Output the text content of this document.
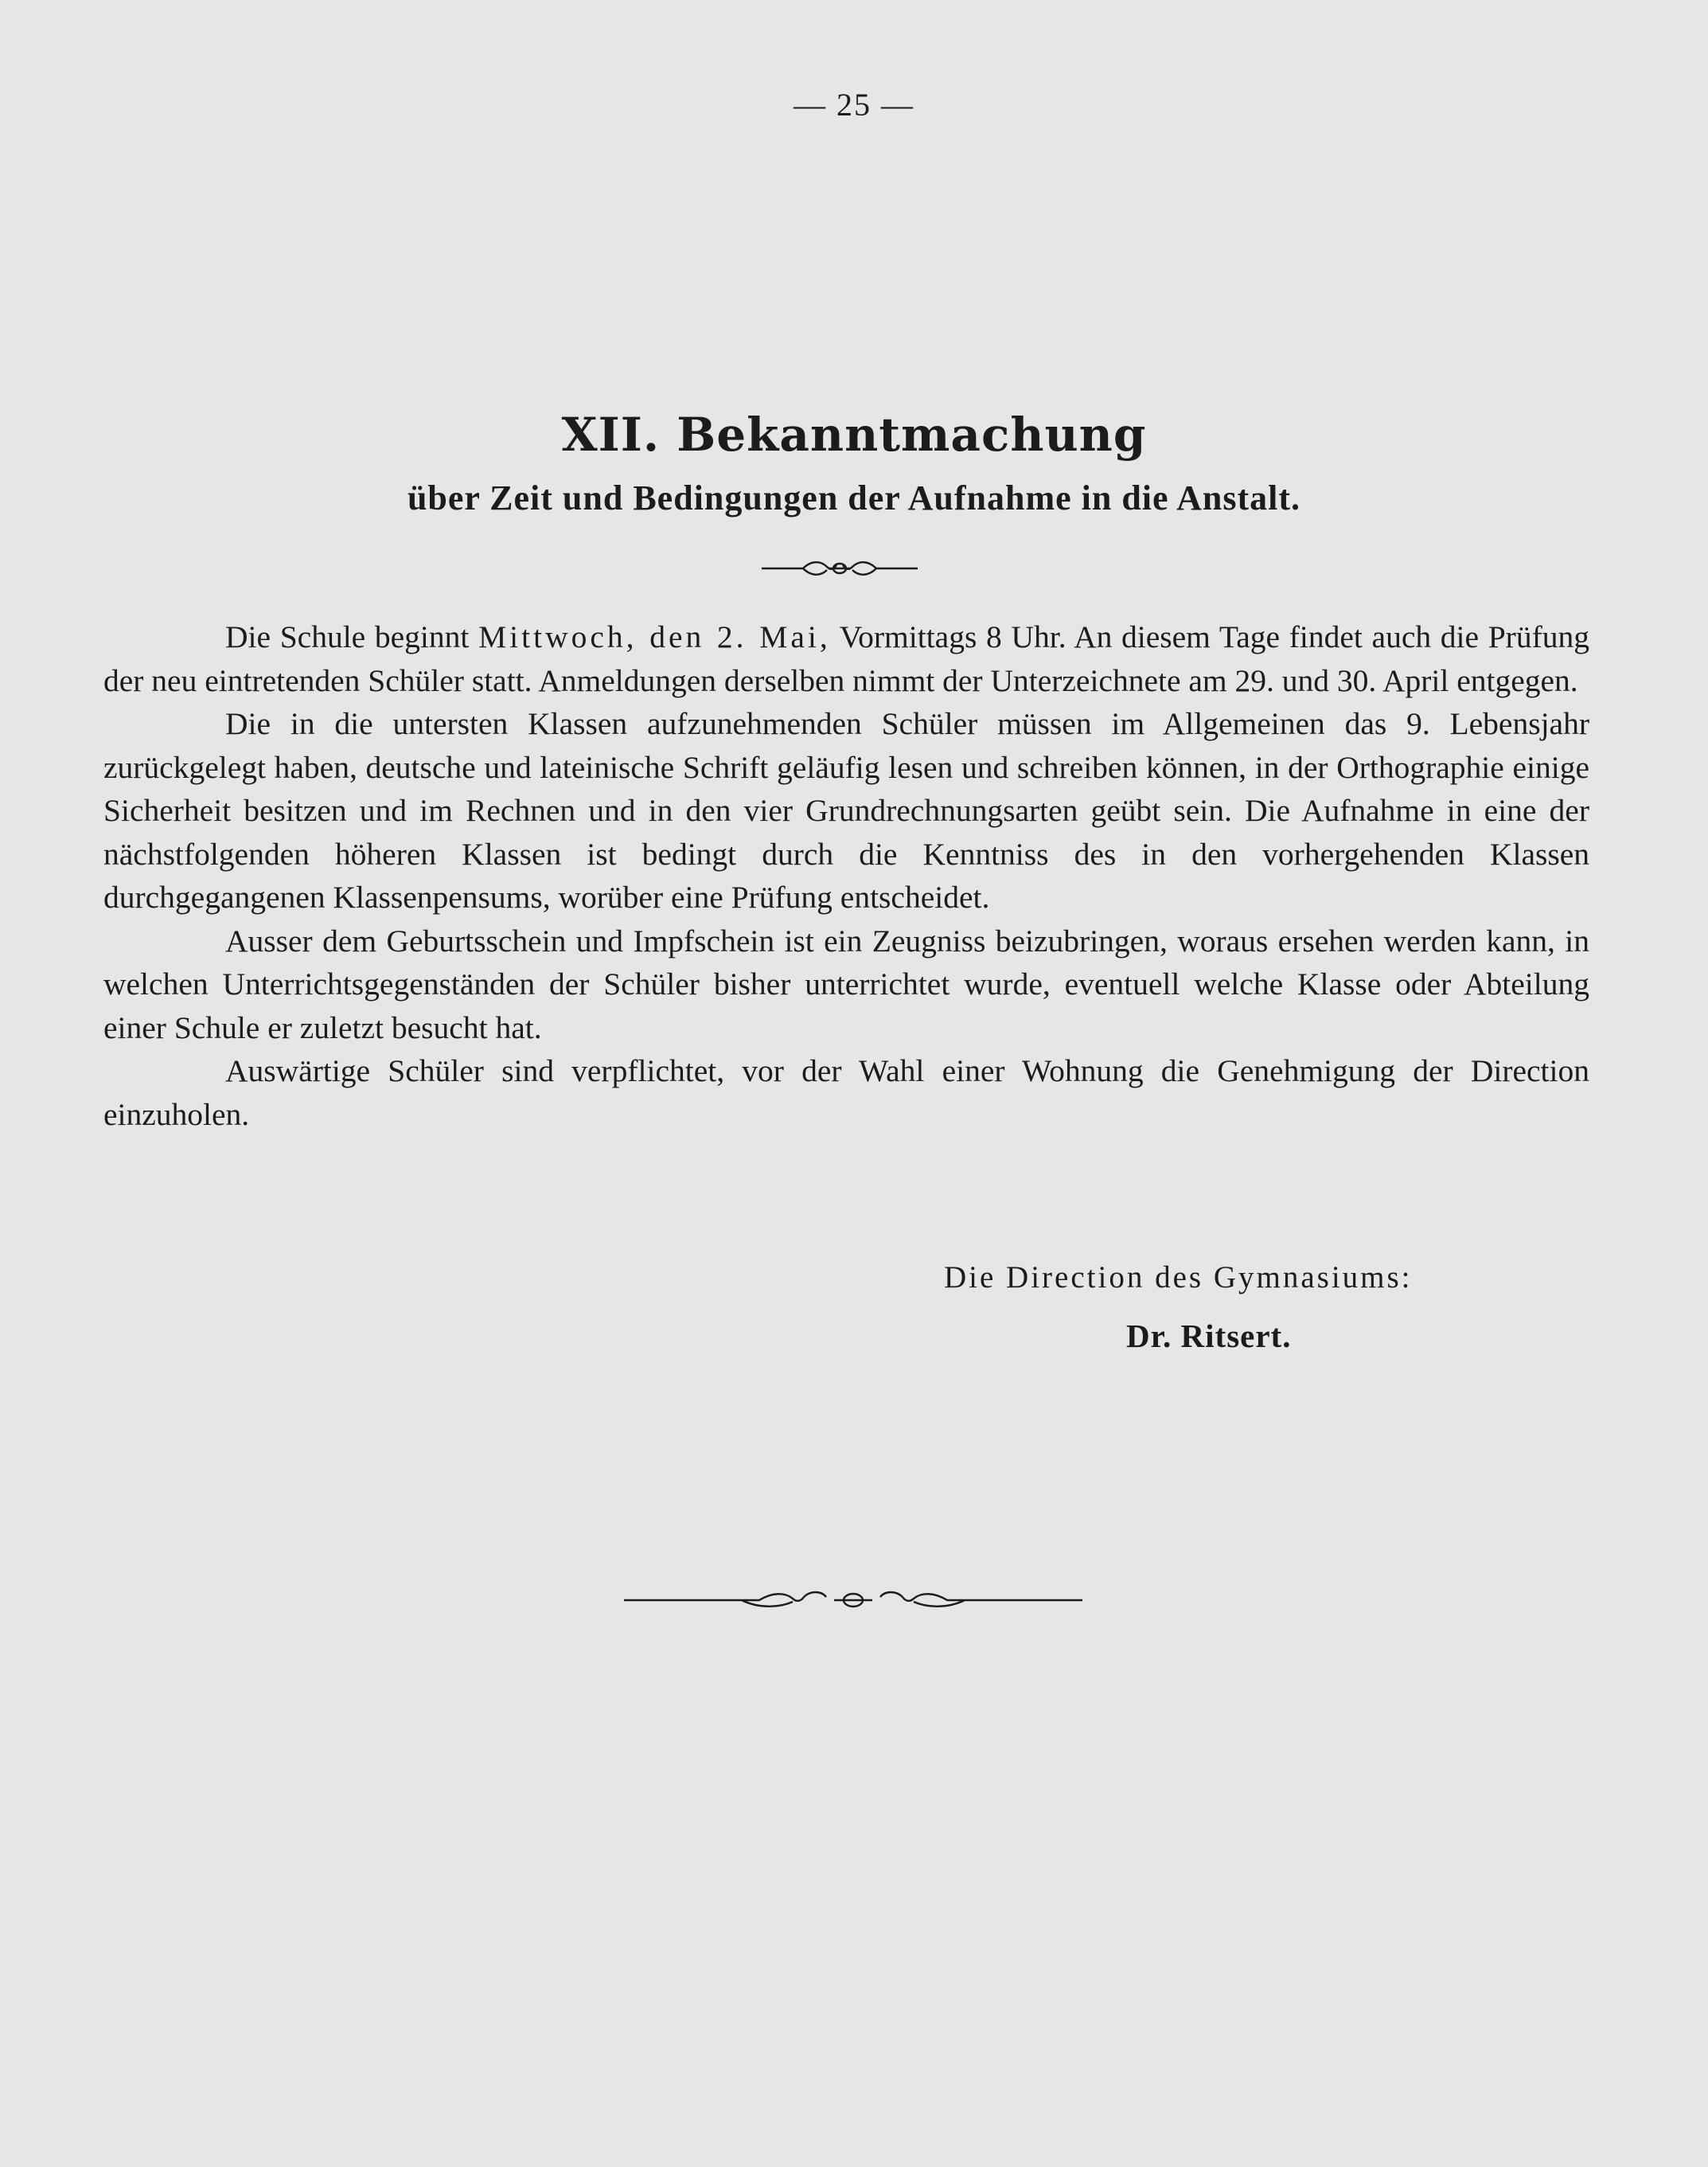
— 25 —
XII. Bekanntmachung
über Zeit und Bedingungen der Aufnahme in die Anstalt.

Die Schule beginnt Mittwoch, den 2. Mai, Vormittags 8 Uhr. An diesem Tage findet auch die Prüfung der neu eintretenden Schüler statt. Anmeldungen derselben nimmt der Unterzeichnete am 29. und 30. April entgegen.

Die in die untersten Klassen aufzunehmenden Schüler müssen im Allgemeinen das 9. Lebensjahr zurückgelegt haben, deutsche und lateinische Schrift geläufig lesen und schreiben können, in der Orthographie einige Sicherheit besitzen und im Rechnen und in den vier Grundrechnungsarten geübt sein. Die Aufnahme in eine der nächstfolgenden höheren Klassen ist bedingt durch die Kenntniss des in den vorhergehenden Klassen durchgegangenen Klassenpensums, worüber eine Prüfung entscheidet.

Ausser dem Geburtsschein und Impfschein ist ein Zeugniss beizubringen, woraus ersehen werden kann, in welchen Unterrichtsgegenständen der Schüler bisher unterrichtet wurde, eventuell welche Klasse oder Abteilung einer Schule er zuletzt besucht hat.

Auswärtige Schüler sind verpflichtet, vor der Wahl einer Wohnung die Genehmigung der Direction einzuholen.

Die Direction des Gymnasiums:
Dr. Ritsert.
